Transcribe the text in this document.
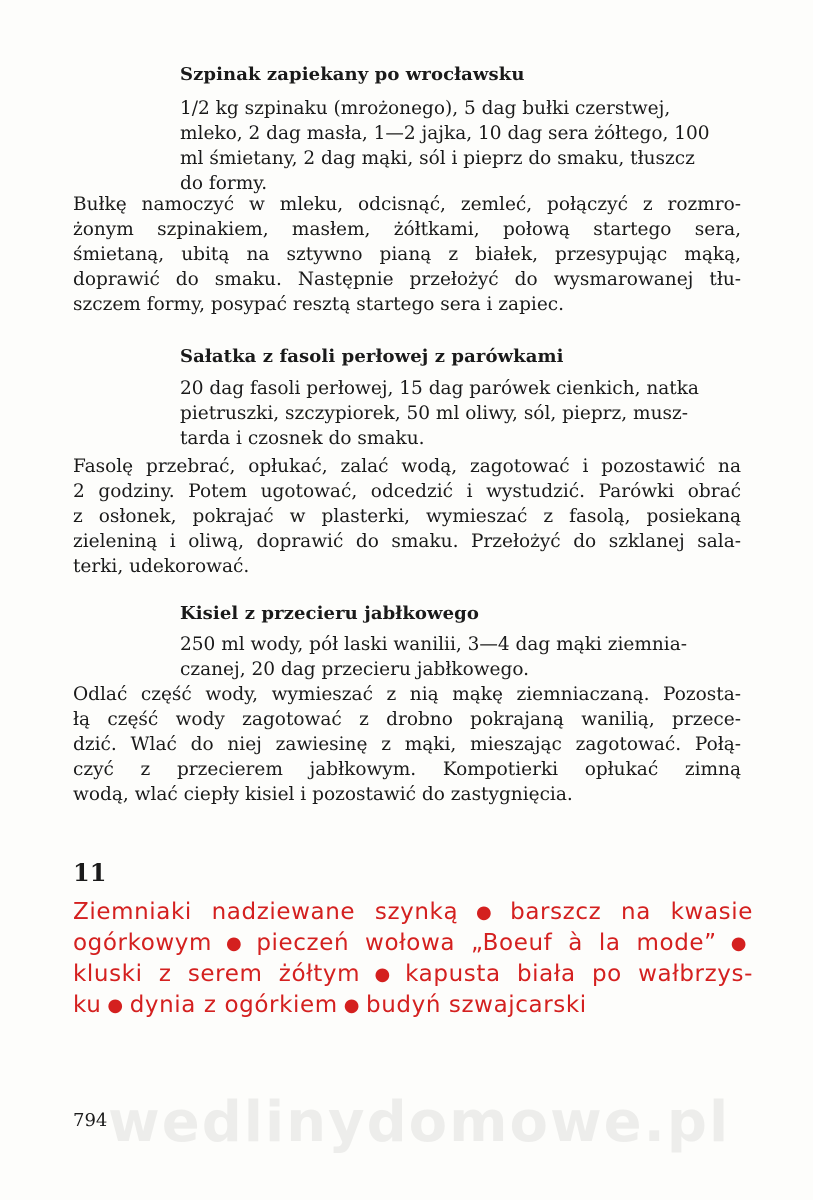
Szpinak zapiekany po wrocławsku

1/2 kg szpinaku (mrożonego), 5 dag bułki czerstwej,
mleko, 2 dag masła, 1—2 jajka, 10 dag sera żółtego, 100
ml śmietany, 2 dag mąki, sól i pieprz do smaku, tłuszcz
do formy.

Bułkę namoczyć w mleku, odcisnąć, zemleć, połączyć z rozmro-
żonym szpinakiem, masłem, żółtkami, połową startego sera,
śmietaną, ubitą na sztywno pianą z białek, przesypując mąką,
doprawić do smaku. Następnie przełożyć do wysmarowanej tłu-
szczem formy, posypać resztą startego sera i zapiec.

Sałatka z fasoli perłowej z parówkami

20 dag fasoli perłowej, 15 dag parówek cienkich, natka
pietruszki, szczypiorek, 50 ml oliwy, sól, pieprz, musz-
tarda i czosnek do smaku.

Fasolę przebrać, opłukać, zalać wodą, zagotować i pozostawić na
2 godziny. Potem ugotować, odcedzić i wystudzić. Parówki obrać
z osłonek, pokrajać w plasterki, wymieszać z fasolą, posiekaną
zieleniną i oliwą, doprawić do smaku. Przełożyć do szklanej sala-
terki, udekorować.

Kisiel z przecieru jabłkowego

250 ml wody, pół laski wanilii, 3—4 dag mąki ziemnia-
czanej, 20 dag przecieru jabłkowego.

Odlać część wody, wymieszać z nią mąkę ziemniaczaną. Pozosta-
łą część wody zagotować z drobno pokrajaną wanilią, przece-
dzić. Wlać do niej zawiesinę z mąki, mieszając zagotować. Połą-
czyć z przecierem jabłkowym. Kompotierki opłukać zimną
wodą, wlać ciepły kisiel i pozostawić do zastygnięcia.

11

Ziemniaki nadziewane szynką ● barszcz na kwasie
ogórkowym ● pieczeń wołowa „Boeuf à la mode” ●
kluski z serem żółtym ● kapusta biała po wałbrzys-
ku ● dynia z ogórkiem ● budyń szwajcarski

wedlinydomowe.pl

794
